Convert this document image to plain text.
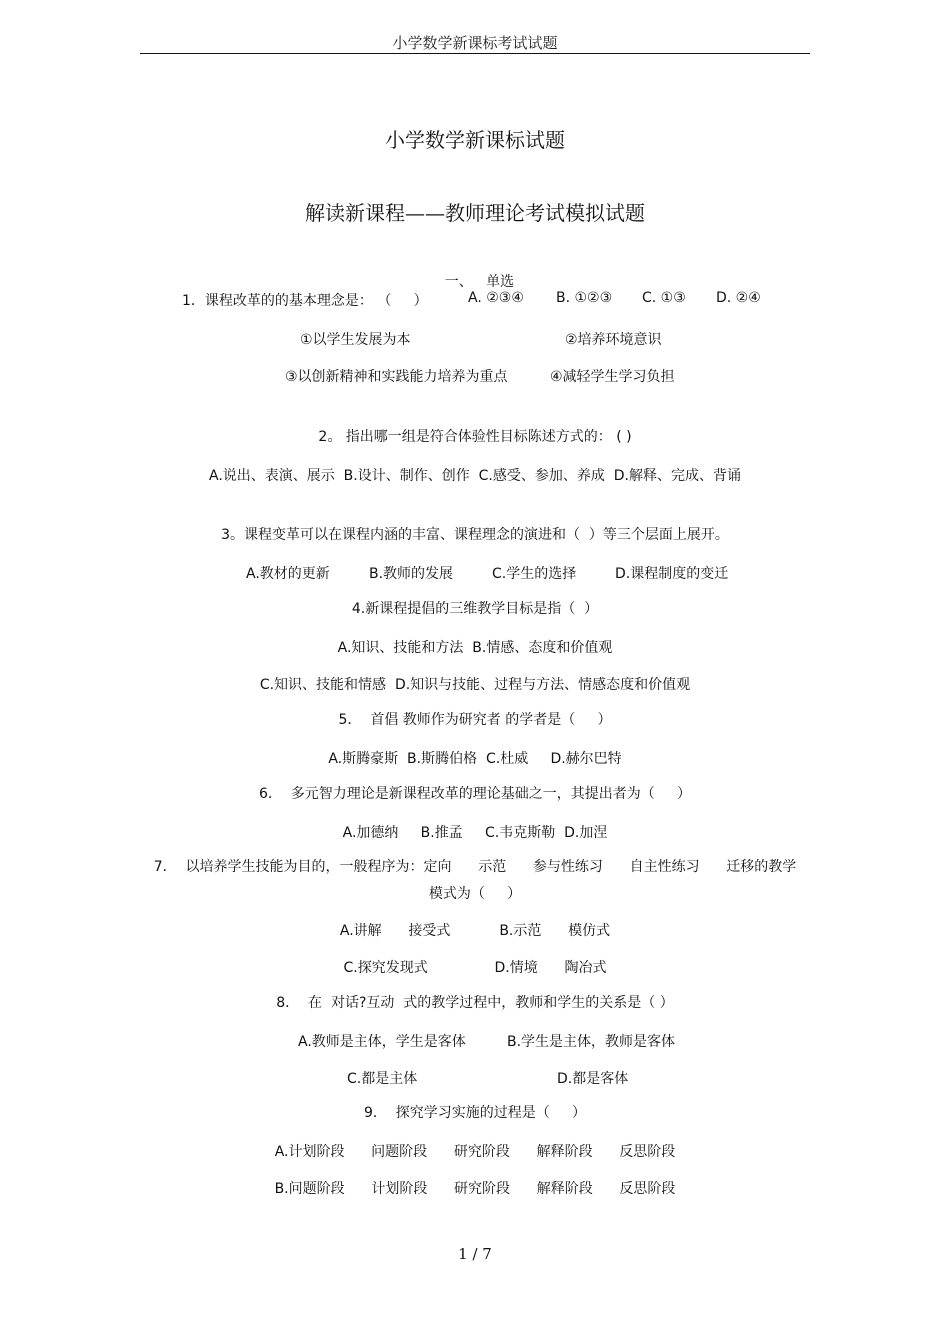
小学数学新课标考试试题
小学数学新课标试题
解读新课程——教师理论考试模拟试题

一、 单选

1．课程改革的的基本理念是： （     ）	A. ②③④ B. ①②③ C. ①③ D. ②④
①以学生发展为本	②培养环境意识
③以创新精神和实践能力培养为重点	④减轻学生学习负担
2。 指出哪一组是符合体验性目标陈述方式的： ( )
A.说出、表演、展示  B.设计、制作、创作  C.感受、参加、养成  D.解释、完成、背诵
3。课程变革可以在课程内涵的丰富、课程理念的演进和（  ）等三个层面上展开。
A.教材的更新	B.教师的发展	C.学生的选择	D.课程制度的变迁
4.新课程提倡的三维教学目标是指（  ）
A.知识、技能和方法  B.情感、态度和价值观
C.知识、技能和情感  D.知识与技能、过程与方法、情感态度和价值观
5．  首倡 教师作为研究者 的学者是（     ）
A.斯腾豪斯  B.斯腾伯格  C.杜威     D.赫尔巴特
6．  多元智力理论是新课程改革的理论基础之一，其提出者为（     ）
A.加德纳     B.推孟     C.韦克斯勒  D.加涅
7．  以培养学生技能为目的，一般程序为：定向      示范      参与性练习      自主性练习      迁移的教学
模式为（     ）
A.讲解      接受式           B.示范      模仿式
C.探究发现式               D.情境      陶冶式
8．  在  对话?互动  式的教学过程中，教师和学生的关系是（ ）
A.教师是主体，学生是客体	B.学生是主体，教师是客体
C.都是主体	D.都是客体
9．  探究学习实施的过程是（     ）
A.计划阶段      问题阶段      研究阶段      解释阶段      反思阶段
B.问题阶段      计划阶段      研究阶段      解释阶段      反思阶段
1 / 7
